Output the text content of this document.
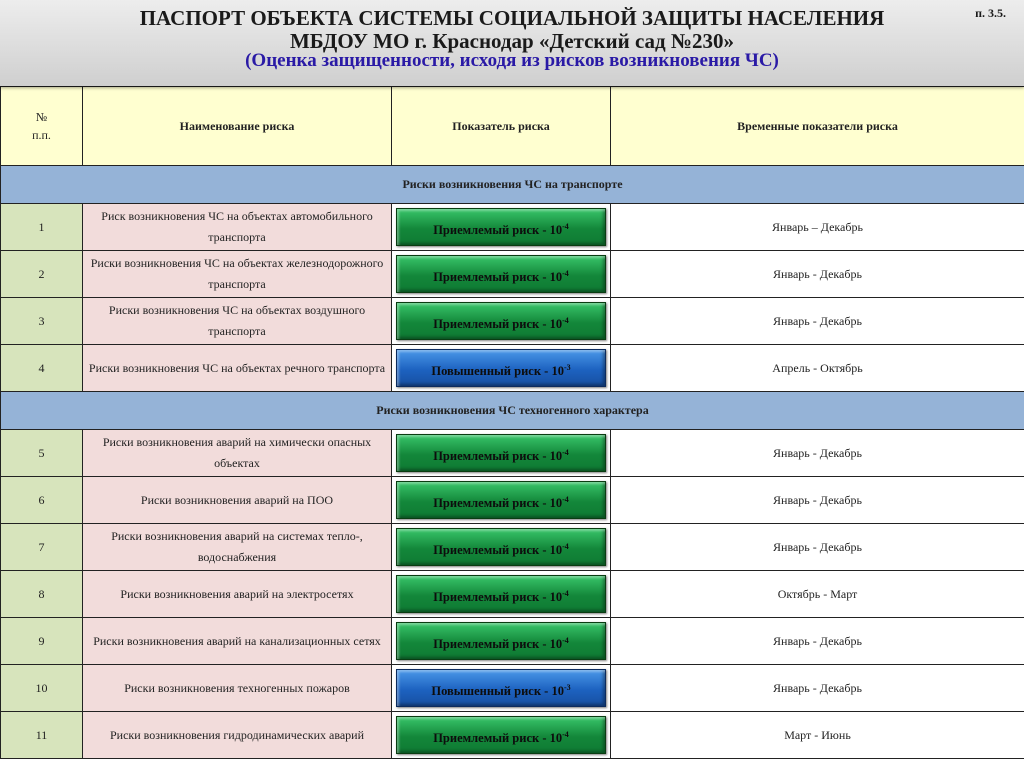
ПАСПОРТ ОБЪЕКТА СИСТЕМЫ СОЦИАЛЬНОЙ ЗАЩИТЫ НАСЕЛЕНИЯ
МБДОУ МО г. Краснодар «Детский сад №230»
(Оценка защищенности, исходя из рисков возникновения ЧС)
п. 3.5.
№
п.п.	Наименование риска	Показатель риска	Временные показатели риска
Риски возникновения ЧС на транспорте			
1	Риск возникновения ЧС на объектах автомобильного транспорта	Приемлемый риск - $10^{-4}$	Январь – Декабрь
2	Риски возникновения ЧС на объектах железнодорожного транспорта	Приемлемый риск - $10^{-4}$	Январь - Декабрь
3	Риски возникновения ЧС на объектах воздушного транспорта	Приемлемый риск - $10^{-4}$	Январь - Декабрь
4	Риски возникновения ЧС на объектах речного транспорта	Повышенный риск - $10^{-3}$	Апрель - Октябрь
Риски возникновения ЧС техногенного характера			
5	Риски возникновения аварий на химически опасных объектах	Приемлемый риск - $10^{-4}$	Январь - Декабрь
6	Риски возникновения аварий на ПОО	Приемлемый риск - $10^{-4}$	Январь - Декабрь
7	Риски возникновения аварий на системах тепло-, водоснабжения	Приемлемый риск - $10^{-4}$	Январь - Декабрь
8	Риски возникновения аварий на электросетях	Приемлемый риск - $10^{-4}$	Октябрь - Март
9	Риски возникновения аварий на канализационных сетях	Приемлемый риск - $10^{-4}$	Январь - Декабрь
10	Риски возникновения техногенных пожаров	Повышенный риск - $10^{-3}$	Январь - Декабрь
11	Риски возникновения гидродинамических аварий	Приемлемый риск - $10^{-4}$	Март - Июнь
